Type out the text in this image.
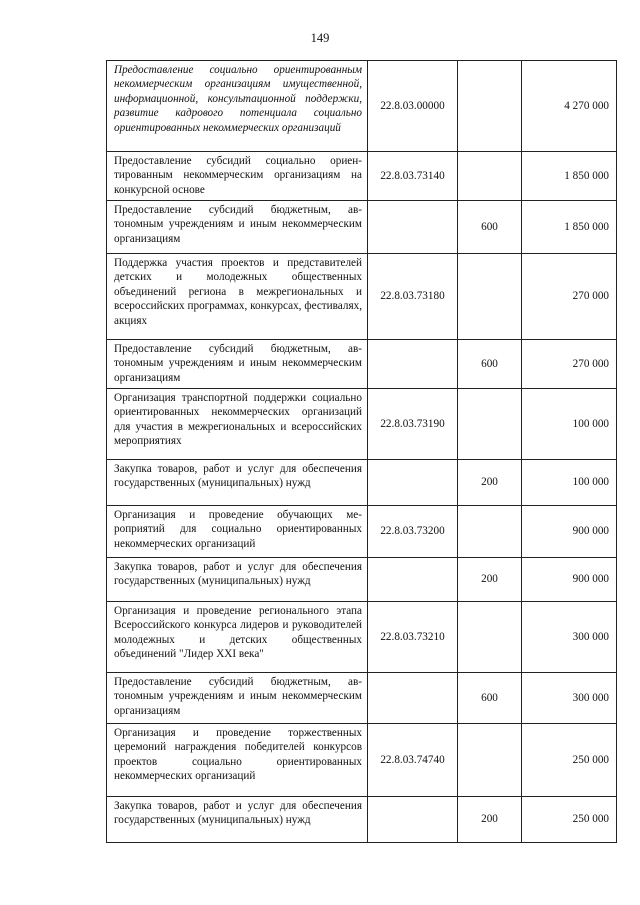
149
Предоставление социально ориентированным некоммерческим организациям имущественной, информационной, консультационной поддержки, развитие кадрового потенциала социально ориентированных некоммерческих организаций	22.8.03.00000		4 270 000
Предоставление субсидий социально ориентированным некоммерческим организациям на конкурсной основе	22.8.03.73140		1 850 000
Предоставление субсидий бюджетным, автономным учреждениям и иным некоммерческим организациям		600	1 850 000
Поддержка участия проектов и представителей детских и молодежных общественных объединений региона в межрегиональных и всероссийских программах, конкурсах, фестивалях, акциях	22.8.03.73180		270 000
Предоставление субсидий бюджетным, автономным учреждениям и иным некоммерческим организациям		600	270 000
Организация транспортной поддержки социально ориентированных некоммерческих организаций для участия в межрегиональных и всероссийских мероприятиях	22.8.03.73190		100 000
Закупка товаров, работ и услуг для обеспечения государственных (муниципальных) нужд		200	100 000
Организация и проведение обучающих мероприятий для социально ориентированных некоммерческих организаций	22.8.03.73200		900 000
Закупка товаров, работ и услуг для обеспечения государственных (муниципальных) нужд		200	900 000
Организация и проведение регионального этапа Всероссийского конкурса лидеров и руководителей молодежных и детских общественных объединений "Лидер XXI века"	22.8.03.73210		300 000
Предоставление субсидий бюджетным, автономным учреждениям и иным некоммерческим организациям		600	300 000
Организация и проведение торжественных церемоний награждения победителей конкурсов проектов социально ориентированных некоммерческих организаций	22.8.03.74740		250 000
Закупка товаров, работ и услуг для обеспечения государственных (муниципальных) нужд		200	250 000
